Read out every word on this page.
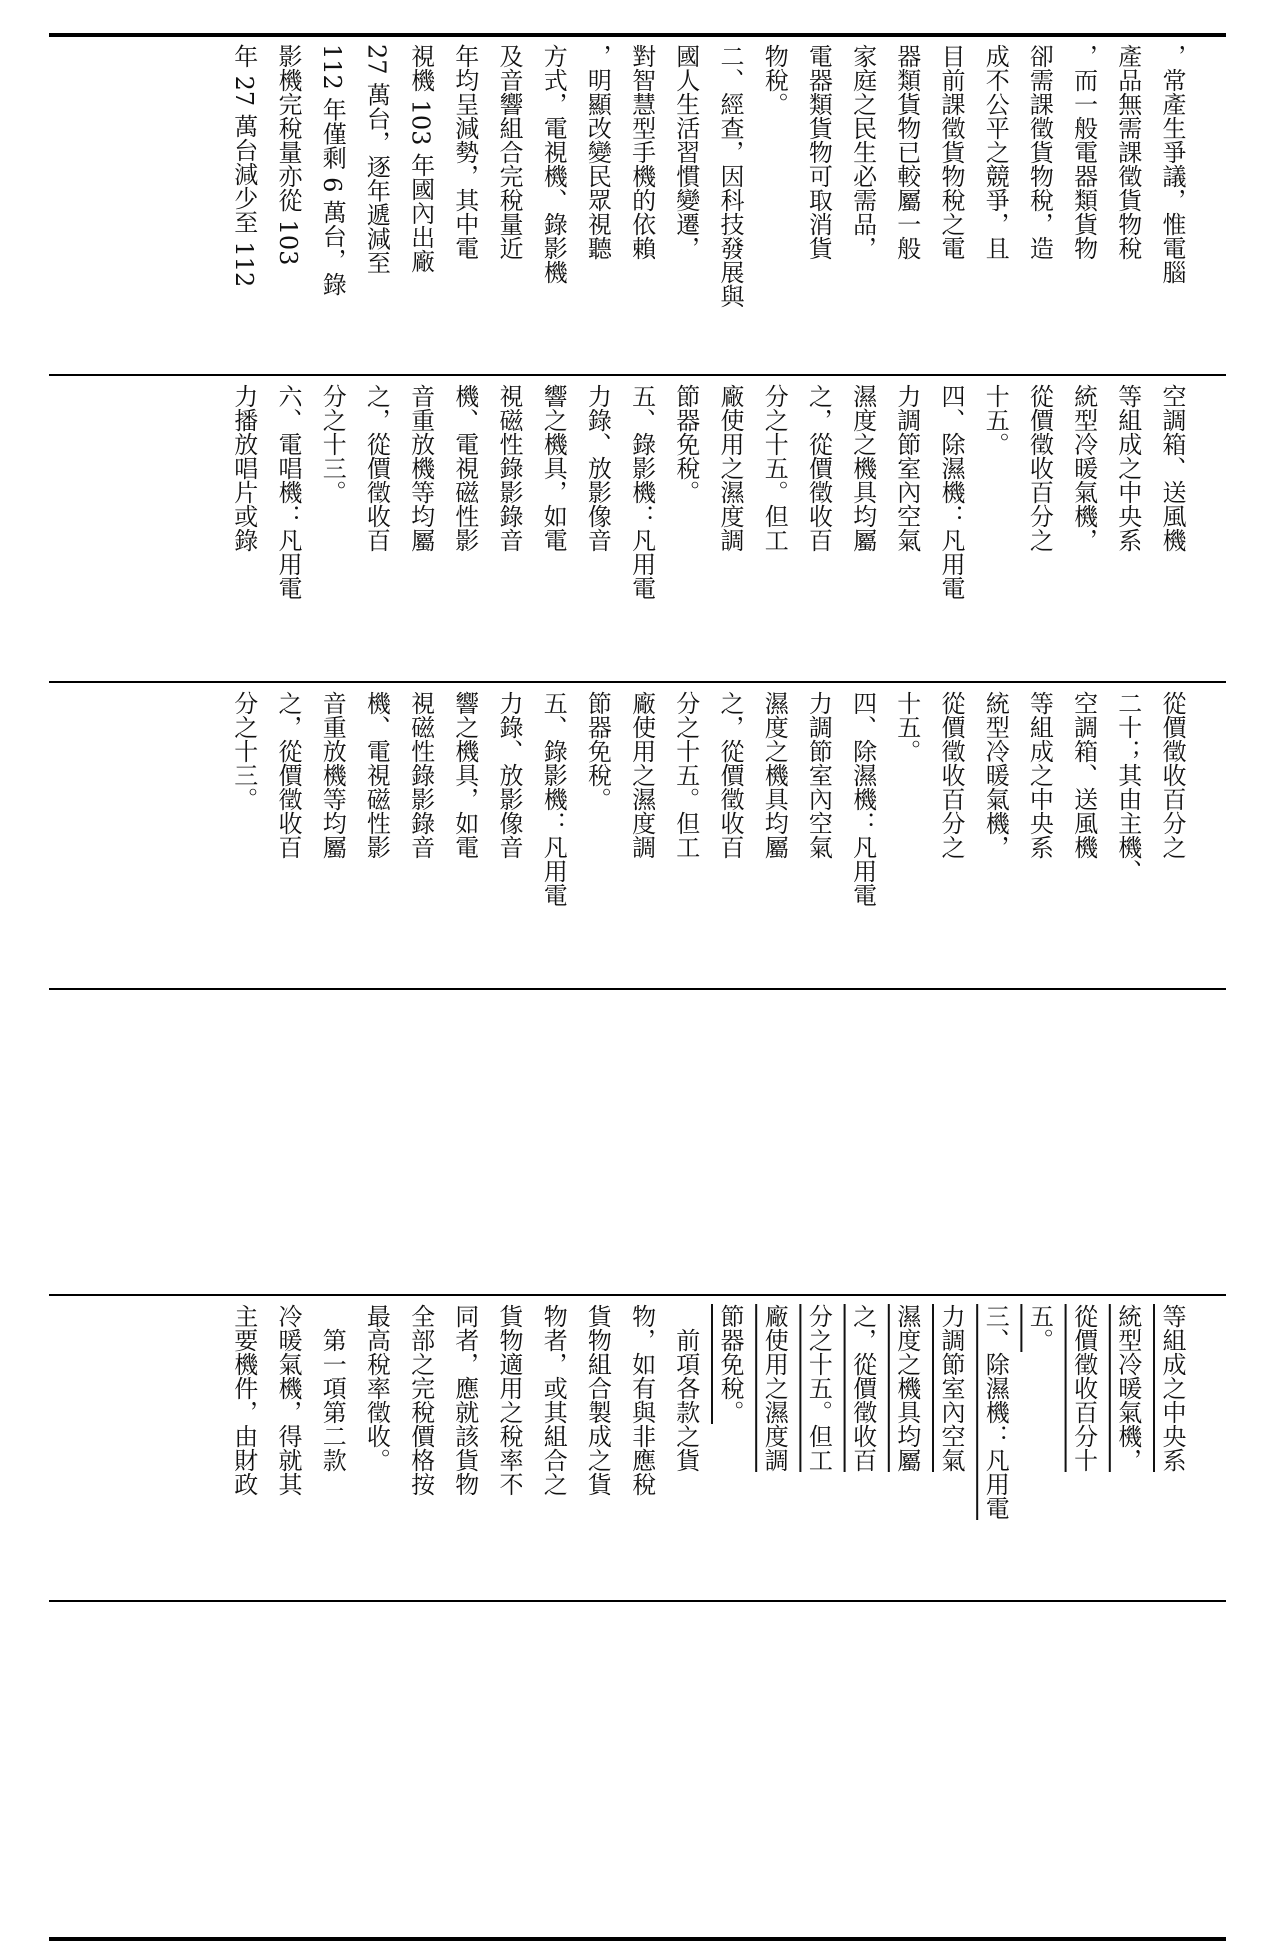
，常產生爭議，惟電腦
產品無需課徵貨物稅
，而一般電器類貨物
卻需課徵貨物稅，造
成不公平之競爭，且
目前課徵貨物稅之電
器類貨物已較屬一般
家庭之民生必需品，
電器類貨物可取消貨
物稅。
二、經查，因科技發展與
國人生活習慣變遷，
對智慧型手機的依賴
，明顯改變民眾視聽
方式，電視機、錄影機
及音響組合完稅量近
年均呈減勢，其中電
視機 103 年國內出廠
27 萬台，逐年遞減至
112 年僅剩 6 萬台，錄
影機完稅量亦從 103
年 27 萬台減少至 112
空調箱、送風機
等組成之中央系
統型冷暖氣機，
從價徵收百分之
十五。
四、除濕機：凡用電
力調節室內空氣
濕度之機具均屬
之，從價徵收百
分之十五。但工
廠使用之濕度調
節器免稅。
五、錄影機：凡用電
力錄、放影像音
響之機具，如電
視磁性錄影錄音
機、電視磁性影
音重放機等均屬
之，從價徵收百
分之十三。
六、電唱機：凡用電
力播放唱片或錄
從價徵收百分之
二十；其由主機、
空調箱、送風機
等組成之中央系
統型冷暖氣機，
從價徵收百分之
十五。
四、除濕機：凡用電
力調節室內空氣
濕度之機具均屬
之，從價徵收百
分之十五。但工
廠使用之濕度調
節器免稅。
五、錄影機：凡用電
力錄、放影像音
響之機具，如電
視磁性錄影錄音
機、電視磁性影
音重放機等均屬
之，從價徵收百
分之十三。
等組成之中央系
統型冷暖氣機，
從價徵收百分十
五。
三、除濕機：凡用電
力調節室內空氣
濕度之機具均屬
之，從價徵收百
分之十五。但工
廠使用之濕度調
節器免稅。
　前項各款之貨
物，如有與非應稅
貨物組合製成之貨
物者，或其組合之
貨物適用之稅率不
同者，應就該貨物
全部之完稅價格按
最高稅率徵收。
　第一項第二款
冷暖氣機，得就其
主要機件，由財政
